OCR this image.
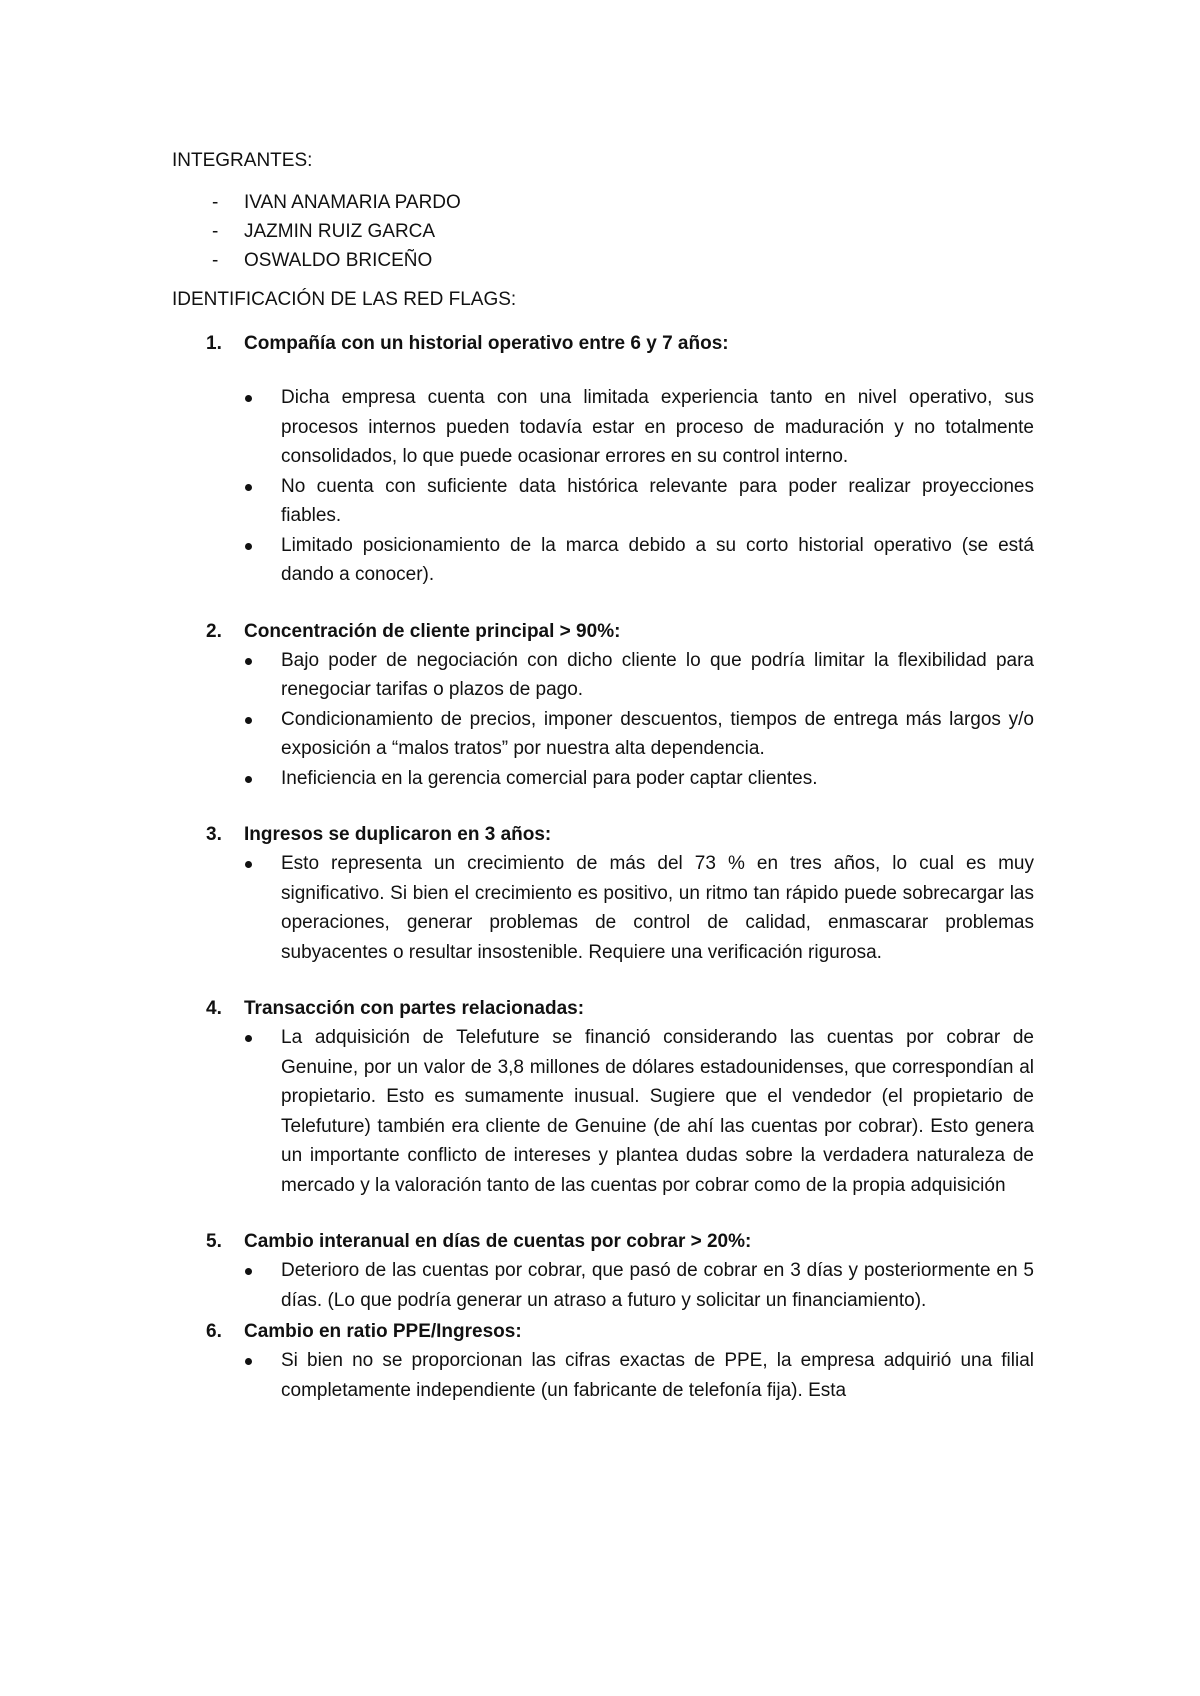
INTEGRANTES:

- IVAN ANAMARIA PARDO
- JAZMIN RUIZ GARCA
- OSWALDO BRICEÑO

IDENTIFICACIÓN DE LAS RED FLAGS:

1. Compañía con un historial operativo entre 6 y 7 años:
Dicha empresa cuenta con una limitada experiencia tanto en nivel operativo, sus procesos internos pueden todavía estar en proceso de maduración y no totalmente consolidados, lo que puede ocasionar errores en su control interno.
No cuenta con suficiente data histórica relevante para poder realizar proyecciones fiables.
Limitado posicionamiento de la marca debido a su corto historial operativo (se está dando a conocer).
2. Concentración de cliente principal > 90%:
Bajo poder de negociación con dicho cliente lo que podría limitar la flexibilidad para renegociar tarifas o plazos de pago.
Condicionamiento de precios, imponer descuentos, tiempos de entrega más largos y/o exposición a “malos tratos” por nuestra alta dependencia.
Ineficiencia en la gerencia comercial para poder captar clientes.
3. Ingresos se duplicaron en 3 años:
Esto representa un crecimiento de más del 73 % en tres años, lo cual es muy significativo. Si bien el crecimiento es positivo, un ritmo tan rápido puede sobrecargar las operaciones, generar problemas de control de calidad, enmascarar problemas subyacentes o resultar insostenible. Requiere una verificación rigurosa.
4. Transacción con partes relacionadas:
La adquisición de Telefuture se financió considerando las cuentas por cobrar de Genuine, por un valor de 3,8 millones de dólares estadounidenses, que correspondían al propietario. Esto es sumamente inusual. Sugiere que el vendedor (el propietario de Telefuture) también era cliente de Genuine (de ahí las cuentas por cobrar). Esto genera un importante conflicto de intereses y plantea dudas sobre la verdadera naturaleza de mercado y la valoración tanto de las cuentas por cobrar como de la propia adquisición
5. Cambio interanual en días de cuentas por cobrar > 20%:
Deterioro de las cuentas por cobrar, que pasó de cobrar en 3 días y posteriormente en 5 días. (Lo que podría generar un atraso a futuro y solicitar un financiamiento).
6. Cambio en ratio PPE/Ingresos:
Si bien no se proporcionan las cifras exactas de PPE, la empresa adquirió una filial completamente independiente (un fabricante de telefonía fija). Esta
